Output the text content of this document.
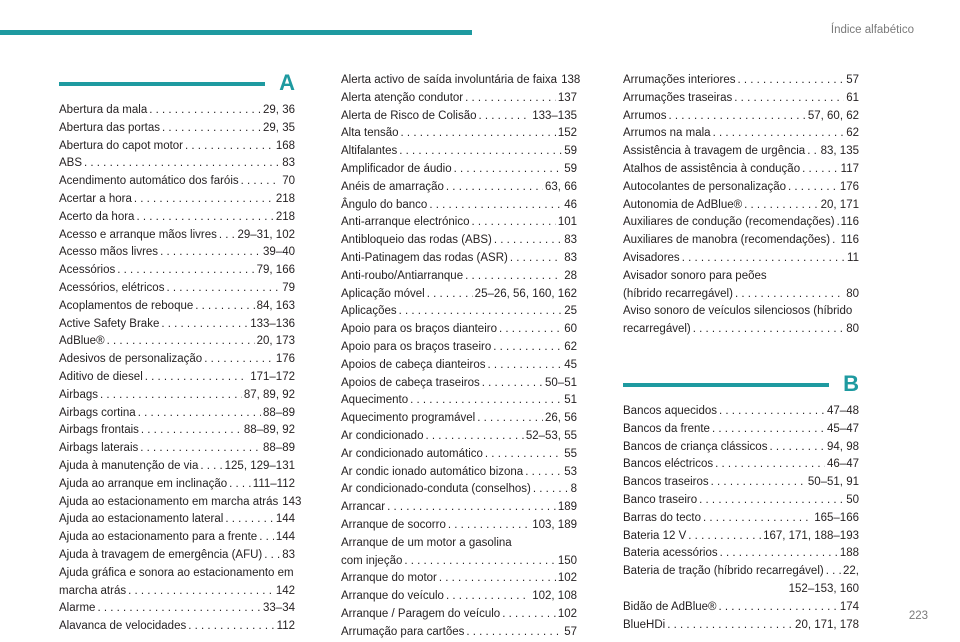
Índice alfabético
A
Abertura da mala . . .	29, 36
Abertura das portas . . .	29, 35
Abertura do capot motor . . .	168
ABS . . .	83
Acendimento automático dos faróis . . .	70
Acertar a hora . . .	218
Acerto da hora . . .	218
Acesso e arranque mãos livres . . . 29–31, 102
Acesso mãos livres . . .	39–40
Acessórios . . .	79, 166
Acessórios, elétricos . . .	79
Acoplamentos de reboque . . .	84, 163
Active Safety Brake . . .	133–136
AdBlue® . . .	20, 173
Adesivos de personalização . . .	176
Aditivo de diesel . . .	171–172
Airbags . . .	87, 89, 92
Airbags cortina . . .	88–89
Airbags frontais . . .	88–89, 92
Airbags laterais . . .	88–89
Ajuda à manutenção de via . . . 125, 129–131
Ajuda ao arranque em inclinação . . . 111–112
Ajuda ao estacionamento em marcha atrás 143
Ajuda ao estacionamento lateral . . .	144
Ajuda ao estacionamento para a frente . . . 144
Ajuda à travagem de emergência (AFU) . . . 83
Ajuda gráfica e sonora ao estacionamento em
marcha atrás . . .	142
Alarme . . .	33–34
Alavanca de velocidades . . .	112
Alerta activo de saída involuntária de faixa 138
Alerta atenção condutor . . .	137
Alerta de Risco de Colisão . . .	133–135
Alta tensão . . .	152
Altifalantes . . .	59
Amplificador de áudio . . .	59
Anéis de amarração . . .	63, 66
Ângulo do banco . . .	46
Anti-arranque electrónico . . .	101
Antibloqueio das rodas (ABS) . . .	83
Anti-Patinagem das rodas (ASR) . . .	83
Anti-roubo/Antiarranque . . .	28
Aplicação móvel . . .	25–26, 56, 160, 162
Aplicações . . .	25
Apoio para os braços dianteiro . . .	60
Apoio para os braços traseiro . . .	62
Apoios de cabeça dianteiros . . .	45
Apoios de cabeça traseiros . . .	50–51
Aquecimento . . .	51
Aquecimento programável . . .	26, 56
Ar condicionado . . .	52–53, 55
Ar condicionado automático . . .	55
Ar condic ionado automático bizona . . .	53
Ar condicionado-conduta (conselhos) . . .	8
Arrancar . . .	189
Arranque de socorro . . .	103, 189
Arranque de um motor a gasolina
com injeção . . .	150
Arranque do motor . . .	102
Arranque do veículo . . .	102, 108
Arranque / Paragem do veículo . . .	102
Arrumação para cartões . . .	57
Arrumações interiores . . .	57
Arrumações traseiras . . .	61
Arrumos . . .	57, 60, 62
Arrumos na mala . . .	62
Assistência à travagem de urgência . . . 83, 135
Atalhos de assistência à condução . . .	117
Autocolantes de personalização . . .	176
Autonomia de AdBlue® . . .	20, 171
Auxiliares de condução (recomendações) . . . 116
Auxiliares de manobra (recomendações) . . . 116
Avisadores . . .	11
Avisador sonoro para peões
(híbrido recarregável) . . .	80
Aviso sonoro de veículos silenciosos (híbrido
recarregável) . . .	80
B
Bancos aquecidos . . .	47–48
Bancos da frente . . .	45–47
Bancos de criança clássicos . . .	94, 98
Bancos eléctricos . . .	46–47
Bancos traseiros . . .	50–51, 91
Banco traseiro . . .	50
Barras do tecto . . .	165–166
Bateria 12 V . . .	167, 171, 188–193
Bateria acessórios . . .	188
Bateria de tração (híbrido recarregável) . . . 22,
152–153, 160
Bidão de AdBlue® . . .	174
BlueHDi . . .	20, 171, 178
223
